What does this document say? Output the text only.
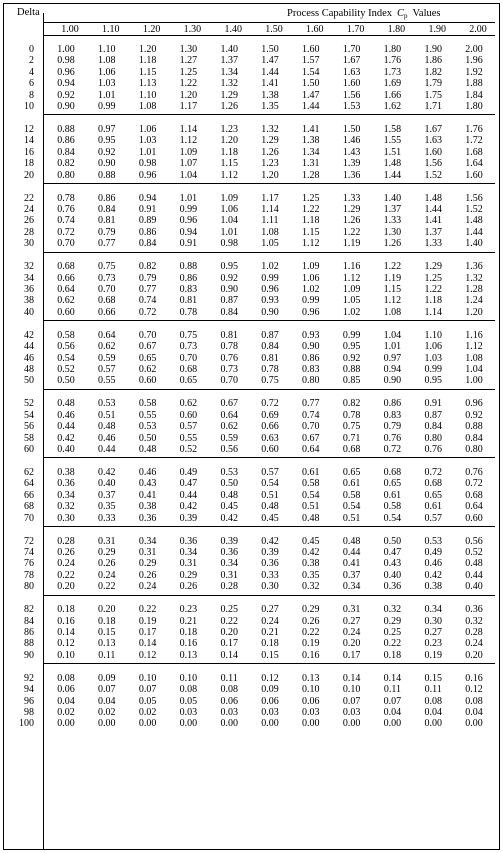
Delta	Process Capability Index $C_p$ Values
1.00	1.10	1.20	1.30	1.40	1.50	1.60	1.70	1.80	1.90	2.00
0	1.00	1.10	1.20	1.30	1.40	1.50	1.60	1.70	1.80	1.90	2.00
2	0.98	1.08	1.18	1.27	1.37	1.47	1.57	1.67	1.76	1.86	1.96
4	0.96	1.06	1.15	1.25	1.34	1.44	1.54	1.63	1.73	1.82	1.92
6	0.94	1.03	1.13	1.22	1.32	1.41	1.50	1.60	1.69	1.79	1.88
8	0.92	1.01	1.10	1.20	1.29	1.38	1.47	1.56	1.66	1.75	1.84
10	0.90	0.99	1.08	1.17	1.26	1.35	1.44	1.53	1.62	1.71	1.80
12	0.88	0.97	1.06	1.14	1.23	1.32	1.41	1.50	1.58	1.67	1.76
14	0.86	0.95	1.03	1.12	1.20	1.29	1.38	1.46	1.55	1.63	1.72
16	0.84	0.92	1.01	1.09	1.18	1.26	1.34	1.43	1.51	1.60	1.68
18	0.82	0.90	0.98	1.07	1.15	1.23	1.31	1.39	1.48	1.56	1.64
20	0.80	0.88	0.96	1.04	1.12	1.20	1.28	1.36	1.44	1.52	1.60
22	0.78	0.86	0.94	1.01	1.09	1.17	1.25	1.33	1.40	1.48	1.56
24	0.76	0.84	0.91	0.99	1.06	1.14	1.22	1.29	1.37	1.44	1.52
26	0.74	0.81	0.89	0.96	1.04	1.11	1.18	1.26	1.33	1.41	1.48
28	0.72	0.79	0.86	0.94	1.01	1.08	1.15	1.22	1.30	1.37	1.44
30	0.70	0.77	0.84	0.91	0.98	1.05	1.12	1.19	1.26	1.33	1.40
32	0.68	0.75	0.82	0.88	0.95	1.02	1.09	1.16	1.22	1.29	1.36
34	0.66	0.73	0.79	0.86	0.92	0.99	1.06	1.12	1.19	1.25	1.32
36	0.64	0.70	0.77	0.83	0.90	0.96	1.02	1.09	1.15	1.22	1.28
38	0.62	0.68	0.74	0.81	0.87	0.93	0.99	1.05	1.12	1.18	1.24
40	0.60	0.66	0.72	0.78	0.84	0.90	0.96	1.02	1.08	1.14	1.20
42	0.58	0.64	0.70	0.75	0.81	0.87	0.93	0.99	1.04	1.10	1.16
44	0.56	0.62	0.67	0.73	0.78	0.84	0.90	0.95	1.01	1.06	1.12
46	0.54	0.59	0.65	0.70	0.76	0.81	0.86	0.92	0.97	1.03	1.08
48	0.52	0.57	0.62	0.68	0.73	0.78	0.83	0.88	0.94	0.99	1.04
50	0.50	0.55	0.60	0.65	0.70	0.75	0.80	0.85	0.90	0.95	1.00
52	0.48	0.53	0.58	0.62	0.67	0.72	0.77	0.82	0.86	0.91	0.96
54	0.46	0.51	0.55	0.60	0.64	0.69	0.74	0.78	0.83	0.87	0.92
56	0.44	0.48	0.53	0.57	0.62	0.66	0.70	0.75	0.79	0.84	0.88
58	0.42	0.46	0.50	0.55	0.59	0.63	0.67	0.71	0.76	0.80	0.84
60	0.40	0.44	0.48	0.52	0.56	0.60	0.64	0.68	0.72	0.76	0.80
62	0.38	0.42	0.46	0.49	0.53	0.57	0.61	0.65	0.68	0.72	0.76
64	0.36	0.40	0.43	0.47	0.50	0.54	0.58	0.61	0.65	0.68	0.72
66	0.34	0.37	0.41	0.44	0.48	0.51	0.54	0.58	0.61	0.65	0.68
68	0.32	0.35	0.38	0.42	0.45	0.48	0.51	0.54	0.58	0.61	0.64
70	0.30	0.33	0.36	0.39	0.42	0.45	0.48	0.51	0.54	0.57	0.60
72	0.28	0.31	0.34	0.36	0.39	0.42	0.45	0.48	0.50	0.53	0.56
74	0.26	0.29	0.31	0.34	0.36	0.39	0.42	0.44	0.47	0.49	0.52
76	0.24	0.26	0.29	0.31	0.34	0.36	0.38	0.41	0.43	0.46	0.48
78	0.22	0.24	0.26	0.29	0.31	0.33	0.35	0.37	0.40	0.42	0.44
80	0.20	0.22	0.24	0.26	0.28	0.30	0.32	0.34	0.36	0.38	0.40
82	0.18	0.20	0.22	0.23	0.25	0.27	0.29	0.31	0.32	0.34	0.36
84	0.16	0.18	0.19	0.21	0.22	0.24	0.26	0.27	0.29	0.30	0.32
86	0.14	0.15	0.17	0.18	0.20	0.21	0.22	0.24	0.25	0.27	0.28
88	0.12	0.13	0.14	0.16	0.17	0.18	0.19	0.20	0.22	0.23	0.24
90	0.10	0.11	0.12	0.13	0.14	0.15	0.16	0.17	0.18	0.19	0.20
92	0.08	0.09	0.10	0.10	0.11	0.12	0.13	0.14	0.14	0.15	0.16
94	0.06	0.07	0.07	0.08	0.08	0.09	0.10	0.10	0.11	0.11	0.12
96	0.04	0.04	0.05	0.05	0.06	0.06	0.06	0.07	0.07	0.08	0.08
98	0.02	0.02	0.02	0.03	0.03	0.03	0.03	0.03	0.04	0.04	0.04
100	0.00	0.00	0.00	0.00	0.00	0.00	0.00	0.00	0.00	0.00	0.00
